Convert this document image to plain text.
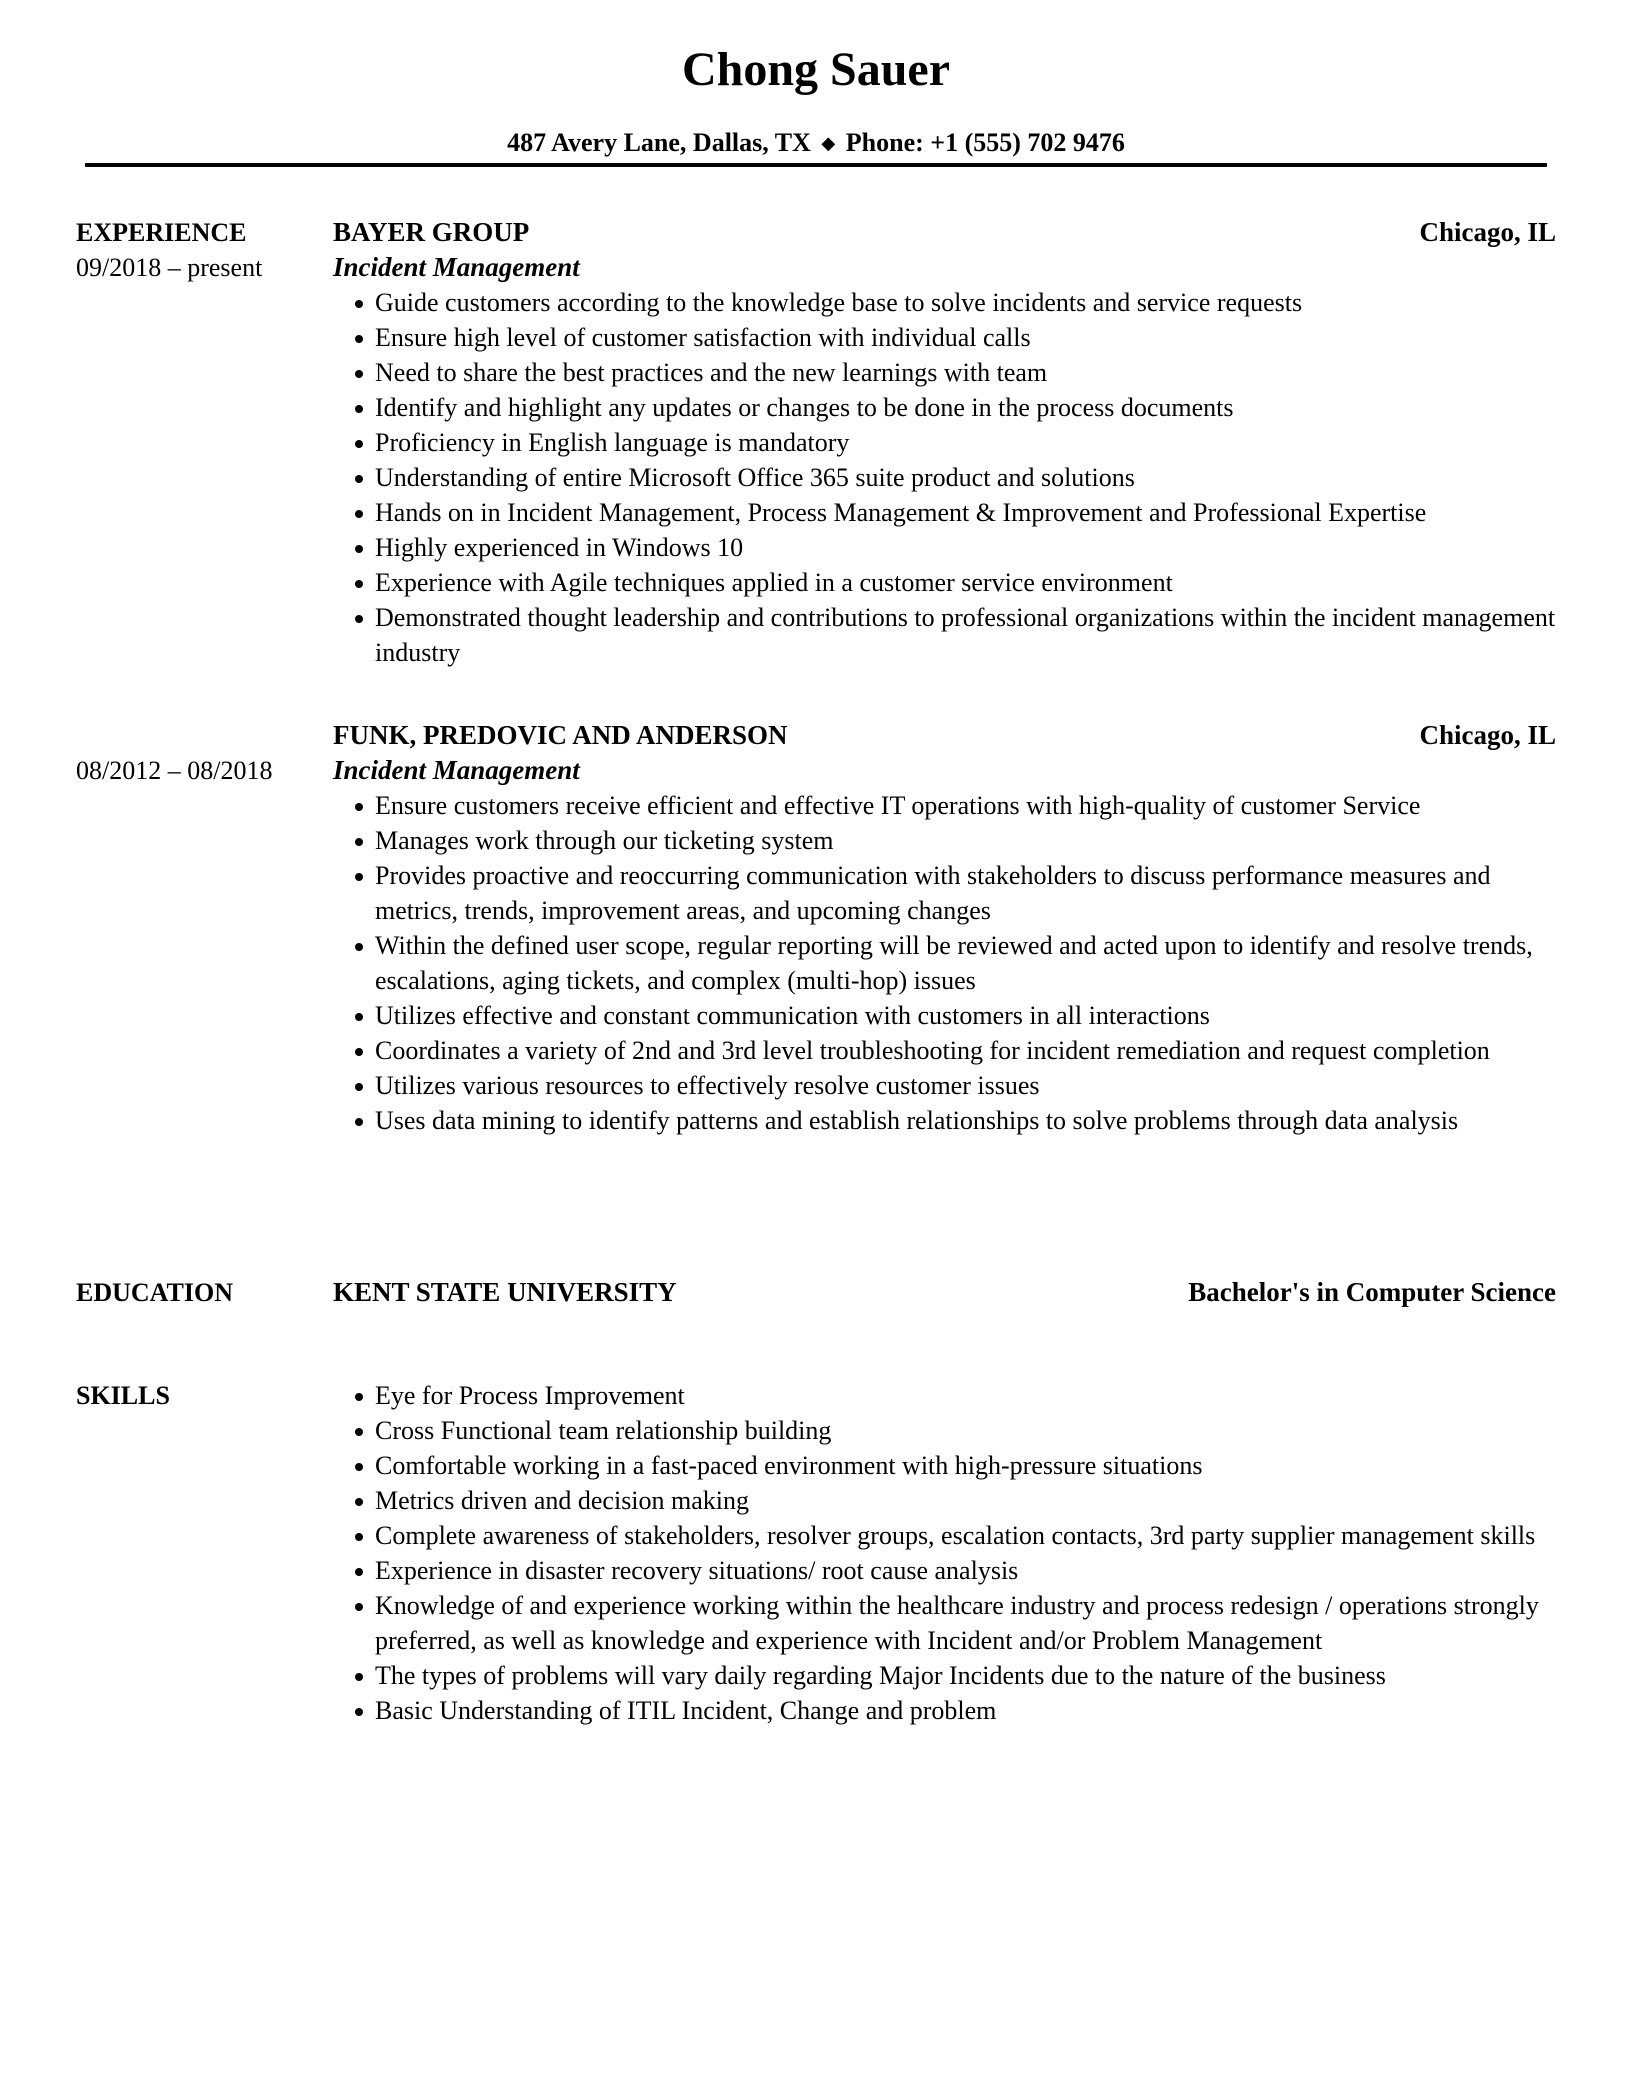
Chong Sauer
487 Avery Lane, Dallas, TX ◆ Phone: +1 (555) 702 9476
EXPERIENCE
09/2018 – present
BAYER GROUP	Chicago, IL
Incident Management
Guide customers according to the knowledge base to solve incidents and service requests
Ensure high level of customer satisfaction with individual calls
Need to share the best practices and the new learnings with team
Identify and highlight any updates or changes to be done in the process documents
Proficiency in English language is mandatory
Understanding of entire Microsoft Office 365 suite product and solutions
Hands on in Incident Management, Process Management & Improvement and Professional Expertise
Highly experienced in Windows 10
Experience with Agile techniques applied in a customer service environment
Demonstrated thought leadership and contributions to professional organizations within the incident management industry
08/2012 – 08/2018
FUNK, PREDOVIC AND ANDERSON	Chicago, IL
Incident Management
Ensure customers receive efficient and effective IT operations with high-quality of customer Service
Manages work through our ticketing system
Provides proactive and reoccurring communication with stakeholders to discuss performance measures and metrics, trends, improvement areas, and upcoming changes
Within the defined user scope, regular reporting will be reviewed and acted upon to identify and resolve trends, escalations, aging tickets, and complex (multi-hop) issues
Utilizes effective and constant communication with customers in all interactions
Coordinates a variety of 2nd and 3rd level troubleshooting for incident remediation and request completion
Utilizes various resources to effectively resolve customer issues
Uses data mining to identify patterns and establish relationships to solve problems through data analysis
EDUCATION	KENT STATE UNIVERSITY	Bachelor's in Computer Science
SKILLS	Eye for Process Improvement
Cross Functional team relationship building
Comfortable working in a fast-paced environment with high-pressure situations
Metrics driven and decision making
Complete awareness of stakeholders, resolver groups, escalation contacts, 3rd party supplier management skills
Experience in disaster recovery situations/ root cause analysis
Knowledge of and experience working within the healthcare industry and process redesign / operations strongly preferred, as well as knowledge and experience with Incident and/or Problem Management
The types of problems will vary daily regarding Major Incidents due to the nature of the business
Basic Understanding of ITIL Incident, Change and problem
